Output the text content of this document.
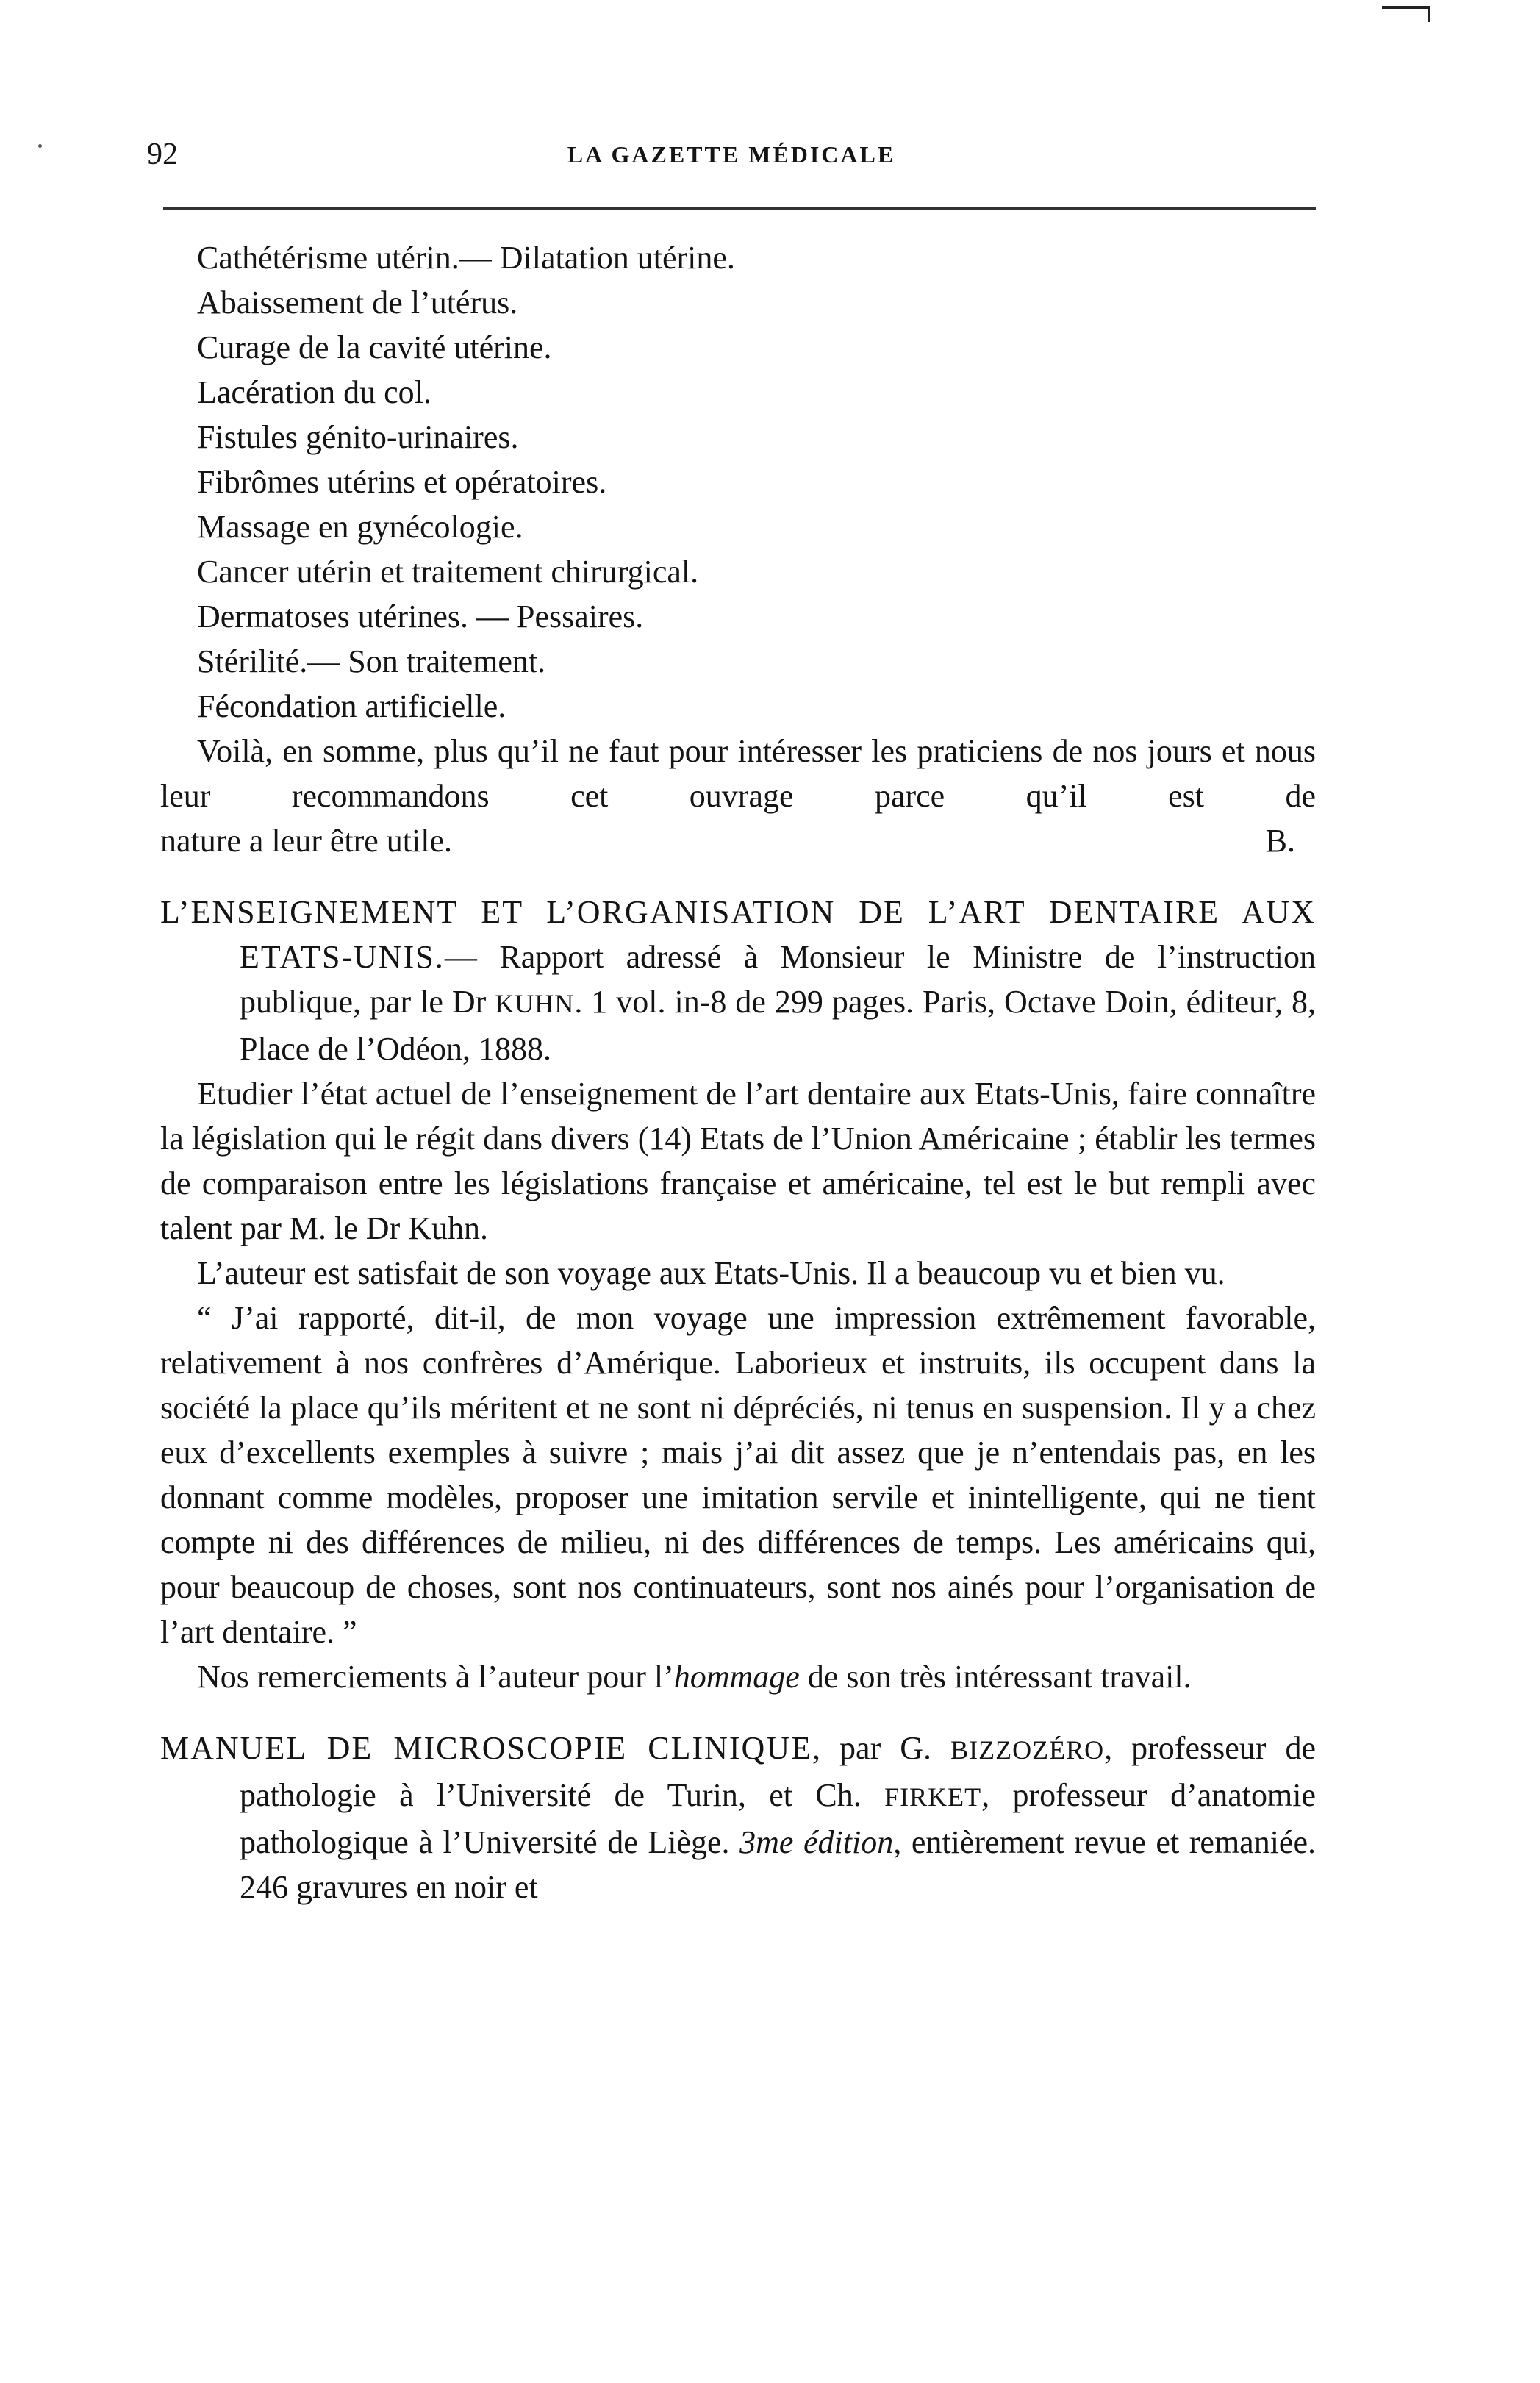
92	LA GAZETTE MÉDICALE
Cathétérisme utérin.— Dilatation utérine.
Abaissement de l’utérus.
Curage de la cavité utérine.
Lacération du col.
Fistules génito-urinaires.
Fibrômes utérins et opératoires.
Massage en gynécologie.
Cancer utérin et traitement chirurgical.
Dermatoses utérines. — Pessaires.
Stérilité.— Son traitement.
Fécondation artificielle.

Voilà, en somme, plus qu’il ne faut pour intéresser les praticiens de nos jours et nous leur recommandons cet ouvrage parce qu’il est de

nature a leur être utile.	B.

L’ENSEIGNEMENT ET L’ORGANISATION DE L’ART DENTAIRE AUX ETATS-UNIS.— Rapport adressé à Monsieur le Ministre de l’instruction publique, par le Dr KUHN. 1 vol. in-8 de 299 pages. Paris, Octave Doin, éditeur, 8, Place de l’Odéon, 1888.

Etudier l’état actuel de l’enseignement de l’art dentaire aux Etats-Unis, faire connaître la législation qui le régit dans divers (14) Etats de l’Union Américaine ; établir les termes de comparaison entre les législations française et américaine, tel est le but rempli avec talent par M. le Dr Kuhn.

L’auteur est satisfait de son voyage aux Etats-Unis. Il a beaucoup vu et bien vu.

“ J’ai rapporté, dit-il, de mon voyage une impression extrêmement favorable, relativement à nos confrères d’Amérique. Laborieux et instruits, ils occupent dans la société la place qu’ils méritent et ne sont ni dépréciés, ni tenus en suspension. Il y a chez eux d’excellents exemples à suivre ; mais j’ai dit assez que je n’entendais pas, en les donnant comme modèles, proposer une imitation servile et inintelligente, qui ne tient compte ni des différences de milieu, ni des différences de temps. Les américains qui, pour beaucoup de choses, sont nos continuateurs, sont nos ainés pour l’organisation de l’art dentaire. ”

Nos remerciements à l’auteur pour l’hommage de son très intéressant travail.

MANUEL DE MICROSCOPIE CLINIQUE, par G. BIZZOZÉRO, professeur de pathologie à l’Université de Turin, et Ch. FIRKET, professeur d’anatomie pathologique à l’Université de Liège. 3me édition, entièrement revue et remaniée. 246 gravures en noir et
